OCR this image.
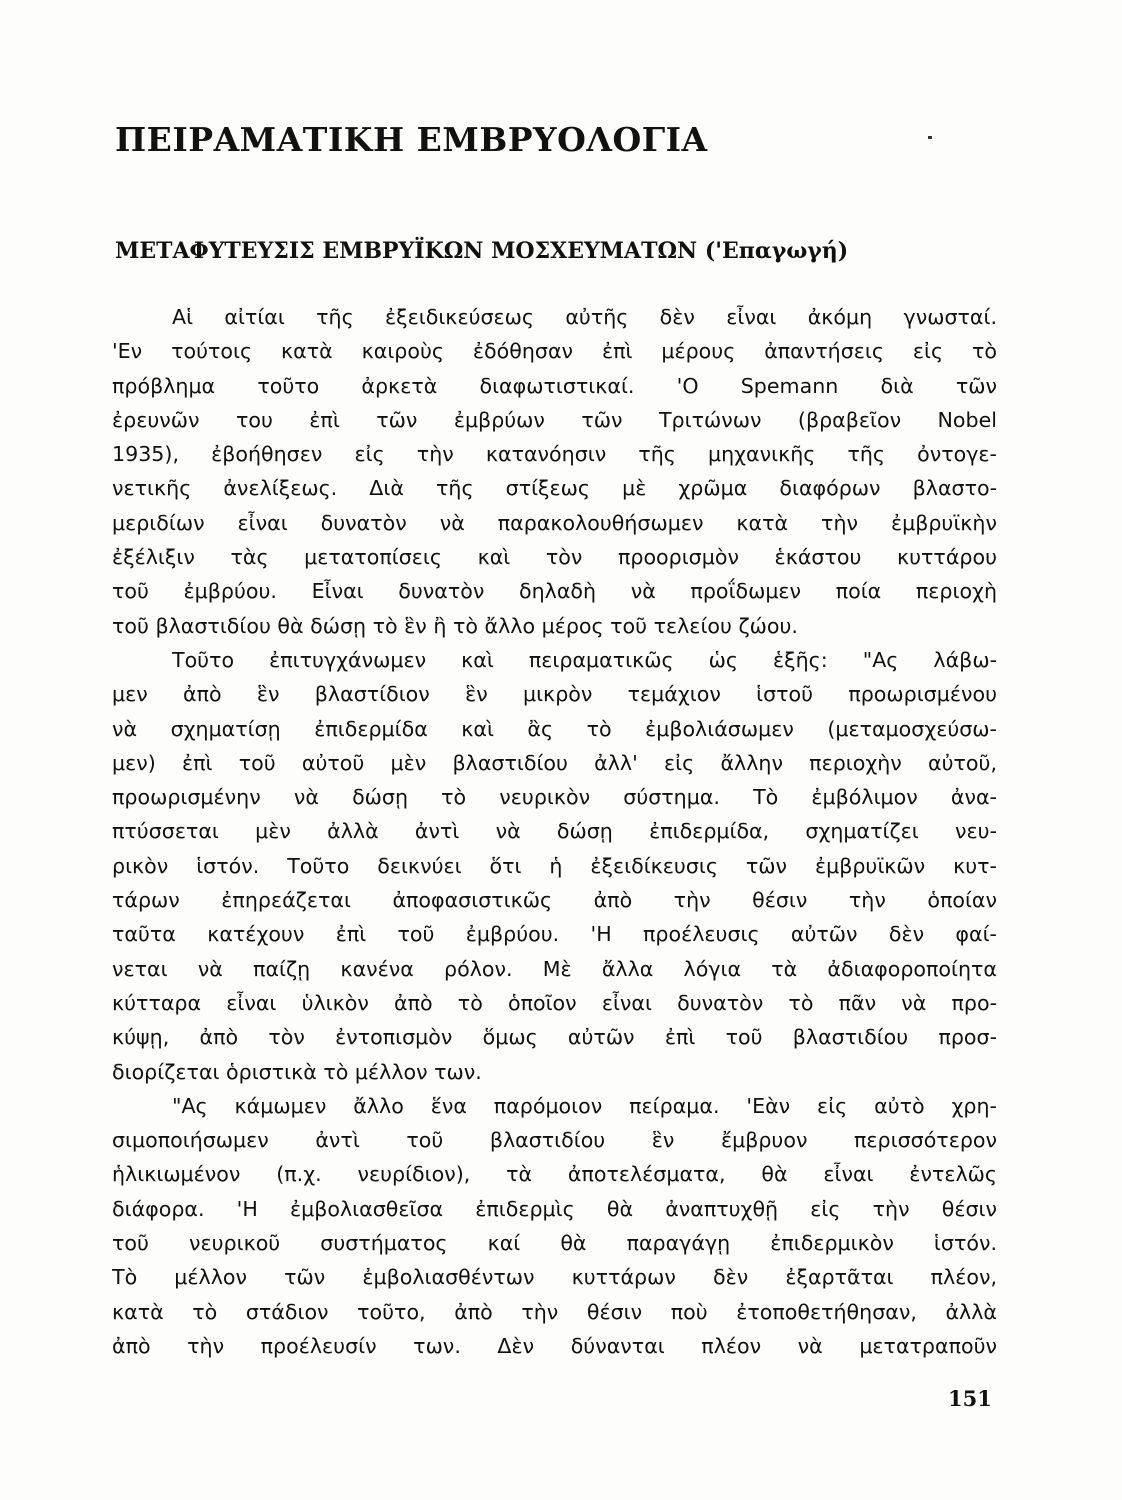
ΠΕΙΡΑΜΑΤΙΚΗ ΕΜΒΡΥΟΛΟΓΙΑ
ΜΕΤΑΦΥΤΕΥΣΙΣ ΕΜΒΡΥΪΚΩΝ ΜΟΣΧΕΥΜΑΤΩΝ ('Επαγωγή)
Αἱ αἰτίαι τῆς ἐξειδικεύσεως αὐτῆς δὲν εἶναι ἀκόμη γνωσταί.
'Εν τούτοις κατὰ καιροὺς ἐδόθησαν ἐπὶ μέρους ἀπαντήσεις εἰς τὸ
πρόβλημα τοῦτο ἀρκετὰ διαφωτιστικαί. 'Ο Spemann διὰ τῶν
ἐρευνῶν του ἐπὶ τῶν ἐμβρύων τῶν Τριτώνων (βραβεῖον Nobel
1935), ἐβοήθησεν εἰς τὴν κατανόησιν τῆς μηχανικῆς τῆς ὀντογε-
νετικῆς ἀνελίξεως. Διὰ τῆς στίξεως μὲ χρῶμα διαφόρων βλαστο-
μεριδίων εἶναι δυνατὸν νὰ παρακολουθήσωμεν κατὰ τὴν ἐμβρυϊκὴν
ἐξέλιξιν τὰς μετατοπίσεις καὶ τὸν προορισμὸν ἑκάστου κυττάρου
τοῦ ἐμβρύου. Εἶναι δυνατὸν δηλαδὴ νὰ προΐδωμεν ποία περιοχὴ
τοῦ βλαστιδίου θὰ δώσῃ τὸ ἓν ἢ τὸ ἄλλο μέρος τοῦ τελείου ζώου.
Τοῦτο ἐπιτυγχάνωμεν καὶ πειραματικῶς ὡς ἑξῆς: "Ας λάβω-
μεν ἀπὸ ἓν βλαστίδιον ἓν μικρὸν τεμάχιον ἱστοῦ προωρισμένου
νὰ σχηματίσῃ ἐπιδερμίδα καὶ ἂς τὸ ἐμβολιάσωμεν (μεταμοσχεύσω-
μεν) ἐπὶ τοῦ αὐτοῦ μὲν βλαστιδίου ἀλλ' εἰς ἄλλην περιοχὴν αὐτοῦ,
προωρισμένην νὰ δώσῃ τὸ νευρικὸν σύστημα. Τὸ ἐμβόλιμον ἀνα-
πτύσσεται μὲν ἀλλὰ ἀντὶ νὰ δώσῃ ἐπιδερμίδα, σχηματίζει νευ-
ρικὸν ἱστόν. Τοῦτο δεικνύει ὅτι ἡ ἐξειδίκευσις τῶν ἐμβρυϊκῶν κυτ-
τάρων ἐπηρεάζεται ἀποφασιστικῶς ἀπὸ τὴν θέσιν τὴν ὁποίαν
ταῦτα κατέχουν ἐπὶ τοῦ ἐμβρύου. 'Η προέλευσις αὐτῶν δὲν φαί-
νεται νὰ παίζῃ κανένα ρόλον. Μὲ ἄλλα λόγια τὰ ἀδιαφοροποίητα
κύτταρα εἶναι ὑλικὸν ἀπὸ τὸ ὁποῖον εἶναι δυνατὸν τὸ πᾶν νὰ προ-
κύψῃ, ἀπὸ τὸν ἐντοπισμὸν ὅμως αὐτῶν ἐπὶ τοῦ βλαστιδίου προσ-
διορίζεται ὁριστικὰ τὸ μέλλον των.
"Ας κάμωμεν ἄλλο ἕνα παρόμοιον πείραμα. 'Εὰν εἰς αὐτὸ χρη-
σιμοποιήσωμεν ἀντὶ τοῦ βλαστιδίου ἓν ἔμβρυον περισσότερον
ἡλικιωμένον (π.χ. νευρίδιον), τὰ ἀποτελέσματα, θὰ εἶναι ἐντελῶς
διάφορα. 'Η ἐμβολιασθεῖσα ἐπιδερμὶς θὰ ἀναπτυχθῇ εἰς τὴν θέσιν
τοῦ νευρικοῦ συστήματος καί θὰ παραγάγῃ ἐπιδερμικὸν ἱστόν.
Τὸ μέλλον τῶν ἐμβολιασθέντων κυττάρων δὲν ἐξαρτᾶται πλέον,
κατὰ τὸ στάδιον τοῦτο, ἀπὸ τὴν θέσιν ποὺ ἐτοποθετήθησαν, ἀλλὰ
ἀπὸ τὴν προέλευσίν των. Δὲν δύνανται πλέον νὰ μετατραποῦν
151
